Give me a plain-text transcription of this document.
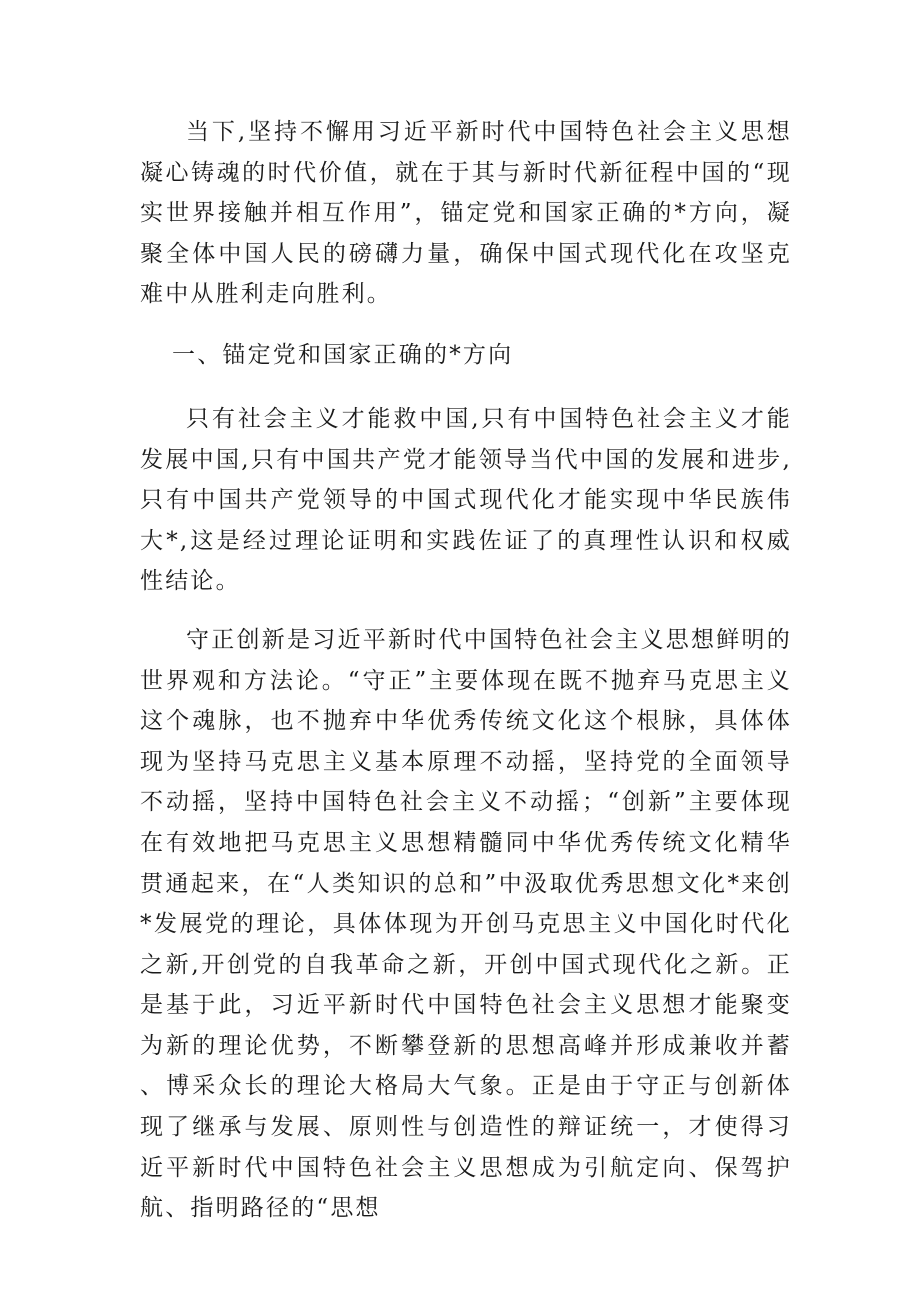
当下,坚持不懈用习近平新时代中国特色社会主义思想凝心铸魂的时代价值，就在于其与新时代新征程中国的“现实世界接触并相互作用”，锚定党和国家正确的*方向，凝聚全体中国人民的磅礴力量，确保中国式现代化在攻坚克难中从胜利走向胜利。

一、锚定党和国家正确的*方向

只有社会主义才能救中国,只有中国特色社会主义才能发展中国,只有中国共产党才能领导当代中国的发展和进步,只有中国共产党领导的中国式现代化才能实现中华民族伟大*,这是经过理论证明和实践佐证了的真理性认识和权威性结论。

守正创新是习近平新时代中国特色社会主义思想鲜明的世界观和方法论。“守正”主要体现在既不抛弃马克思主义这个魂脉，也不抛弃中华优秀传统文化这个根脉，具体体现为坚持马克思主义基本原理不动摇，坚持党的全面领导不动摇，坚持中国特色社会主义不动摇；“创新”主要体现在有效地把马克思主义思想精髓同中华优秀传统文化精华贯通起来，在“人类知识的总和”中汲取优秀思想文化*来创*发展党的理论，具体体现为开创马克思主义中国化时代化之新,开创党的自我革命之新，开创中国式现代化之新。正是基于此，习近平新时代中国特色社会主义思想才能聚变为新的理论优势，不断攀登新的思想高峰并形成兼收并蓄、博采众长的理论大格局大气象。正是由于守正与创新体现了继承与发展、原则性与创造性的辩证统一，才使得习近平新时代中国特色社会主义思想成为引航定向、保驾护航、指明路径的“思想
